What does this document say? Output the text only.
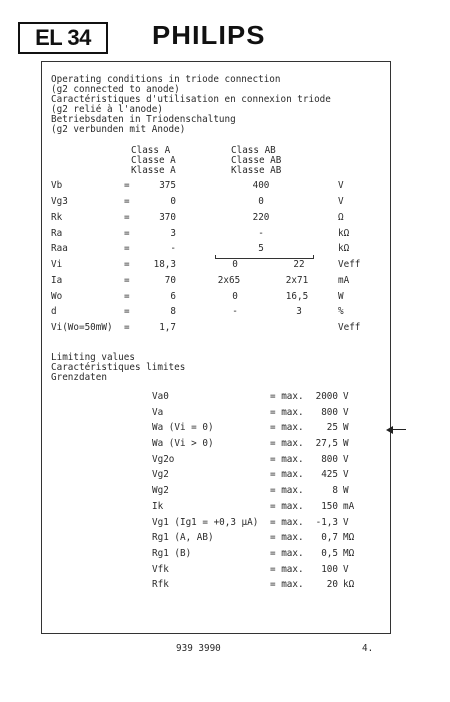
EL 34	PHILIPS
Operating conditions in triode connection
(g2 connected to anode)
Caractéristiques d'utilisation en connexion triode
(g2 relié à l'anode)
Betriebsdaten in Triodenschaltung
(g2 verbunden mit Anode)
Class A
Classe A
Klasse A
Class AB
Classe AB
Klasse AB
Vb	=	375	400	V
Vg3	=	0	0	V
Rk	=	370	220	Ω
Ra	=	3	-	kΩ
Raa	=	-	5	kΩ
Vi	=	18,3	0	22	Veff
Ia	=	70	2x65	2x71	mA
Wo	=	6	0	16,5	W
d	=	8	-	3	%
Vi(Wo=50mW) =	1,7	Veff
Limiting values
Caractéristiques limites
Grenzdaten
Va0	= max.	2000 V
Va	= max.	800 V
Wa (Vi = 0)	= max.	25 W
Wa (Vi > 0)	= max.	27,5 W
Vg2o	= max.	800 V
Vg2	= max.	425 V
Wg2	= max.	8 W
Ik	= max.	150 mA
Vg1 (Ig1 = +0,3 µA) = max.	-1,3 V
Rg1 (A, AB)	= max.	0,7 MΩ
Rg1 (B)	= max.	0,5 MΩ
Vfk	= max.	100 V
Rfk	= max.	20 kΩ
939 3990	4.
